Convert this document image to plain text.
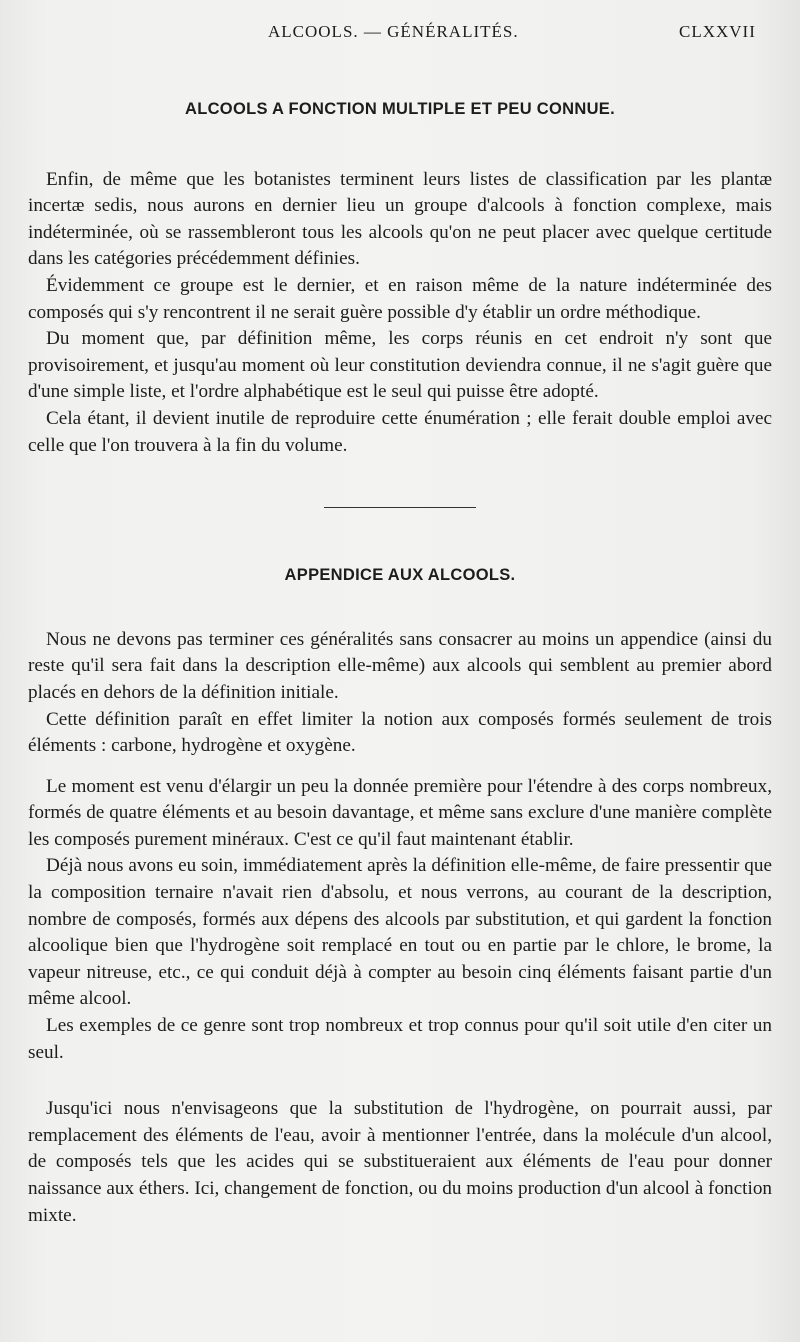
ALCOOLS. — GÉNÉRALITÉS.	CLXXVII
ALCOOLS A FONCTION MULTIPLE ET PEU CONNUE.

Enfin, de même que les botanistes terminent leurs listes de classification par les plantæ incertæ sedis, nous aurons en dernier lieu un groupe d'alcools à fonction complexe, mais indéterminée, où se rassembleront tous les alcools qu'on ne peut placer avec quelque certitude dans les catégories précédemment définies.

Évidemment ce groupe est le dernier, et en raison même de la nature indéterminée des composés qui s'y rencontrent il ne serait guère possible d'y établir un ordre méthodique.

Du moment que, par définition même, les corps réunis en cet endroit n'y sont que provisoirement, et jusqu'au moment où leur constitution deviendra connue, il ne s'agit guère que d'une simple liste, et l'ordre alphabétique est le seul qui puisse être adopté.

Cela étant, il devient inutile de reproduire cette énumération ; elle ferait double emploi avec celle que l'on trouvera à la fin du volume.

APPENDICE AUX ALCOOLS.

Nous ne devons pas terminer ces généralités sans consacrer au moins un appendice (ainsi du reste qu'il sera fait dans la description elle-même) aux alcools qui semblent au premier abord placés en dehors de la définition initiale.

Cette définition paraît en effet limiter la notion aux composés formés seulement de trois éléments : carbone, hydrogène et oxygène.

Le moment est venu d'élargir un peu la donnée première pour l'étendre à des corps nombreux, formés de quatre éléments et au besoin davantage, et même sans exclure d'une manière complète les composés purement minéraux. C'est ce qu'il faut maintenant établir.

Déjà nous avons eu soin, immédiatement après la définition elle-même, de faire pressentir que la composition ternaire n'avait rien d'absolu, et nous verrons, au courant de la description, nombre de composés, formés aux dépens des alcools par substitution, et qui gardent la fonction alcoolique bien que l'hydrogène soit remplacé en tout ou en partie par le chlore, le brome, la vapeur nitreuse, etc., ce qui conduit déjà à compter au besoin cinq éléments faisant partie d'un même alcool.

Les exemples de ce genre sont trop nombreux et trop connus pour qu'il soit utile d'en citer un seul.

Jusqu'ici nous n'envisageons que la substitution de l'hydrogène, on pourrait aussi, par remplacement des éléments de l'eau, avoir à mentionner l'entrée, dans la molécule d'un alcool, de composés tels que les acides qui se substitueraient aux éléments de l'eau pour donner naissance aux éthers. Ici, changement de fonction, ou du moins production d'un alcool à fonction mixte.
